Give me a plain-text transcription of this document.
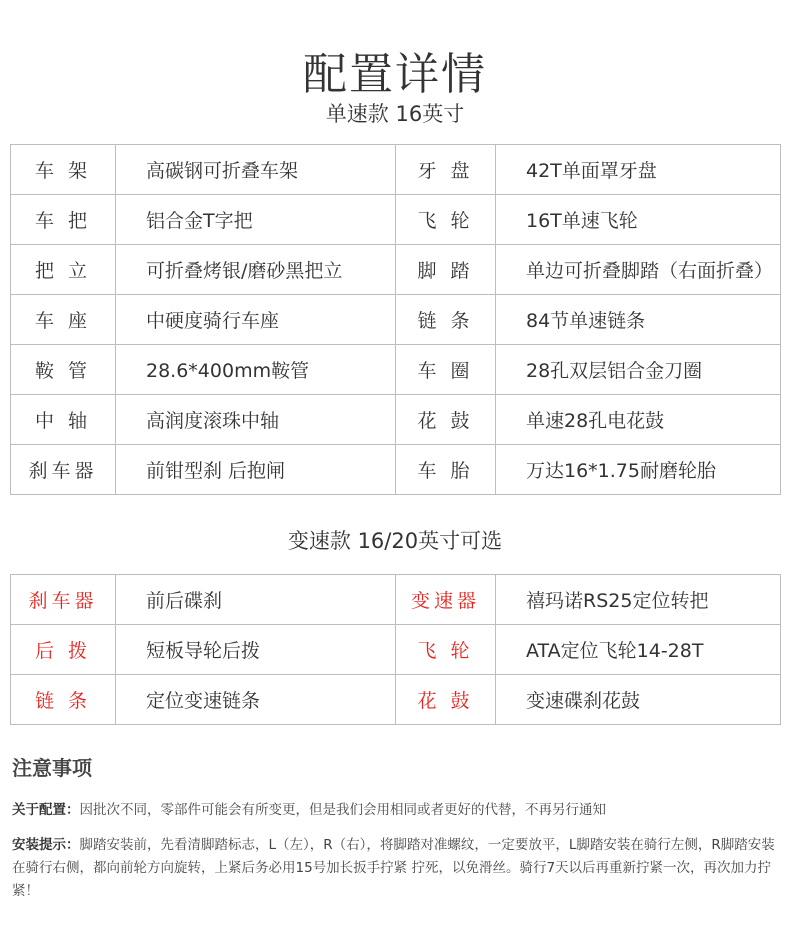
配置详情
单速款 16英寸
车 架	高碳钢可折叠车架	牙 盘	42T单面罩牙盘
车 把	铝合金T字把	飞 轮	16T单速飞轮
把 立	可折叠烤银/磨砂黑把立	脚 踏	单边可折叠脚踏（右面折叠）
车 座	中硬度骑行车座	链 条	84节单速链条
鞍 管	28.6*400mm鞍管	车 圈	28孔双层铝合金刀圈
中 轴	高润度滚珠中轴	花 鼓	单速28孔电花鼓
刹车器	前钳型刹 后抱闸	车 胎	万达16*1.75耐磨轮胎
变速款 16/20英寸可选
刹车器	前后碟刹	变速器	禧玛诺RS25定位转把
后 拨	短板导轮后拨	飞 轮	ATA定位飞轮14-28T
链 条	定位变速链条	花 鼓	变速碟刹花鼓
注意事项
关于配置：因批次不同，零部件可能会有所变更，但是我们会用相同或者更好的代替，不再另行通知
安装提示：脚踏安装前，先看清脚踏标志，L（左），R（右），将脚踏对准螺纹，一定要放平，L脚踏安装在骑行左侧，R脚踏安装在骑行右侧，都向前轮方向旋转，上紧后务必用15号加长扳手拧紧 拧死，以免滑丝。骑行7天以后再重新拧紧一次，再次加力拧紧！
